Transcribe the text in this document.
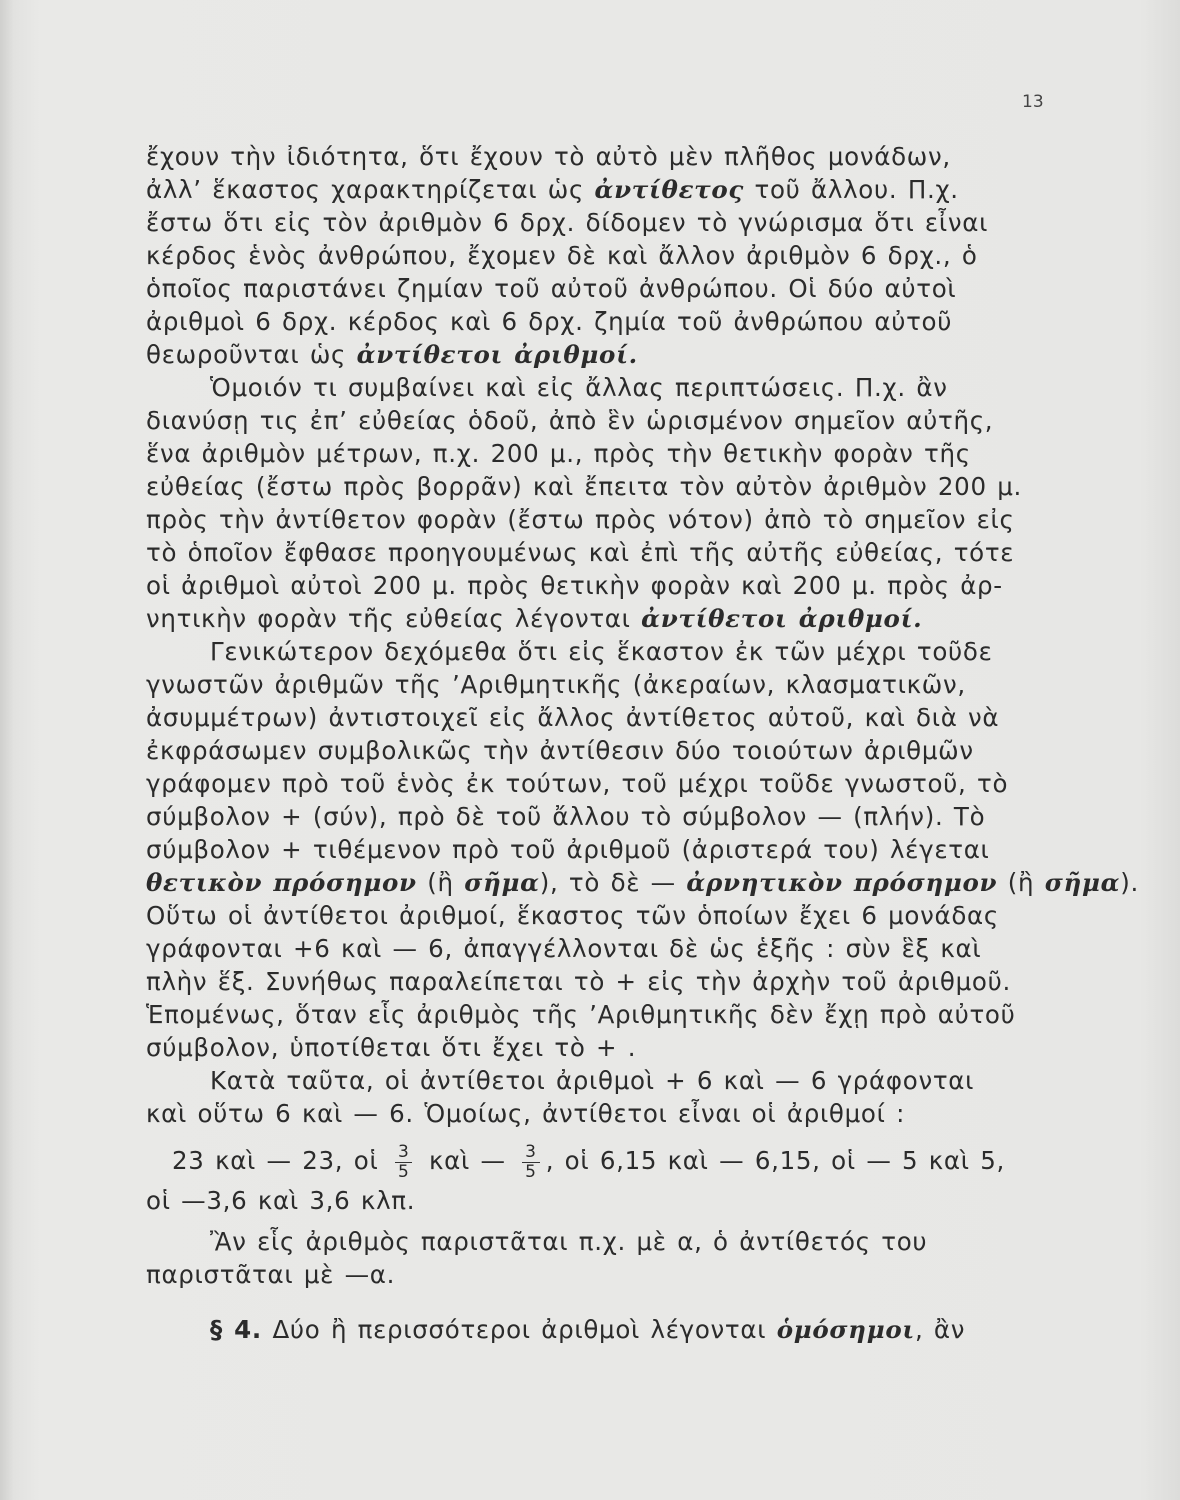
13
ἔχουν τὴν ἰδιότητα, ὅτι ἔχουν τὸ αὐτὸ μὲν πλῆθος μονάδων,
ἀλλ’ ἕκαστος χαρακτηρίζεται ὡς ἀντίθετος τοῦ ἄλλου. Π.χ.
ἔστω ὅτι εἰς τὸν ἀριθμὸν 6 δρχ. δίδομεν τὸ γνώρισμα ὅτι εἶναι
κέρδος ἑνὸς ἀνθρώπου, ἔχομεν δὲ καὶ ἄλλον ἀριθμὸν 6 δρχ., ὁ
ὁποῖος παριστάνει ζημίαν τοῦ αὐτοῦ ἀνθρώπου. Οἱ δύο αὐτοὶ
ἀριθμοὶ 6 δρχ. κέρδος καὶ 6 δρχ. ζημία τοῦ ἀνθρώπου αὐτοῦ
θεωροῦνται ὡς ἀντίθετοι ἀριθμοί.
Ὁμοιόν τι συμβαίνει καὶ εἰς ἄλλας περιπτώσεις. Π.χ. ἂν
διανύσῃ τις ἐπ’ εὐθείας ὁδοῦ, ἀπὸ ἓν ὡρισμένον σημεῖον αὐτῆς,
ἕνα ἀριθμὸν μέτρων, π.χ. 200 μ., πρὸς τὴν θετικὴν φορὰν τῆς
εὐθείας (ἔστω πρὸς βορρᾶν) καὶ ἔπειτα τὸν αὐτὸν ἀριθμὸν 200 μ.
πρὸς τὴν ἀντίθετον φορὰν (ἔστω πρὸς νότον) ἀπὸ τὸ σημεῖον εἰς
τὸ ὁποῖον ἔφθασε προηγουμένως καὶ ἐπὶ τῆς αὐτῆς εὐθείας, τότε
οἱ ἀριθμοὶ αὐτοὶ 200 μ. πρὸς θετικὴν φορὰν καὶ 200 μ. πρὸς ἀρ-
νητικὴν φορὰν τῆς εὐθείας λέγονται ἀντίθετοι ἀριθμοί.
Γενικώτερον δεχόμεθα ὅτι εἰς ἕκαστον ἐκ τῶν μέχρι τοῦδε
γνωστῶν ἀριθμῶν τῆς ’Αριθμητικῆς (ἀκεραίων, κλασματικῶν,
ἀσυμμέτρων) ἀντιστοιχεῖ εἰς ἄλλος ἀντίθετος αὐτοῦ, καὶ διὰ νὰ
ἐκφράσωμεν συμβολικῶς τὴν ἀντίθεσιν δύο τοιούτων ἀριθμῶν
γράφομεν πρὸ τοῦ ἑνὸς ἐκ τούτων, τοῦ μέχρι τοῦδε γνωστοῦ, τὸ
σύμβολον + (σύν), πρὸ δὲ τοῦ ἄλλου τὸ σύμβολον — (πλήν). Τὸ
σύμβολον + τιθέμενον πρὸ τοῦ ἀριθμοῦ (ἀριστερά του) λέγεται
θετικὸν πρόσημον (ἢ σῆμα), τὸ δὲ — ἀρνητικὸν πρόσημον (ἢ σῆμα).
Οὕτω οἱ ἀντίθετοι ἀριθμοί, ἕκαστος τῶν ὁποίων ἔχει 6 μονάδας
γράφονται +6 καὶ — 6, ἀπαγγέλλονται δὲ ὡς ἑξῆς : σὺν ἓξ καὶ
πλὴν ἕξ. Συνήθως παραλείπεται τὸ + εἰς τὴν ἀρχὴν τοῦ ἀριθμοῦ.
Ἑπομένως, ὅταν εἷς ἀριθμὸς τῆς ’Αριθμητικῆς δὲν ἔχῃ πρὸ αὐτοῦ
σύμβολον, ὑποτίθεται ὅτι ἔχει τὸ + .
Κατὰ ταῦτα, οἱ ἀντίθετοι ἀριθμοὶ + 6 καὶ — 6 γράφονται
καὶ οὕτω 6 καὶ — 6. Ὁμοίως, ἀντίθετοι εἶναι οἱ ἀριθμοί :
23 καὶ — 23, οἱ $\frac{3}{5}$ καὶ — $\frac{3}{5}$ , οἱ 6,15 καὶ — 6,15, οἱ — 5 καὶ 5,
οἱ —3,6 καὶ 3,6 κλπ.
Ἂν εἷς ἀριθμὸς παριστᾶται π.χ. μὲ α, ὁ ἀντίθετός του
παριστᾶται μὲ —α.
§ 4. Δύο ἢ περισσότεροι ἀριθμοὶ λέγονται ὁμόσημοι, ἂν
